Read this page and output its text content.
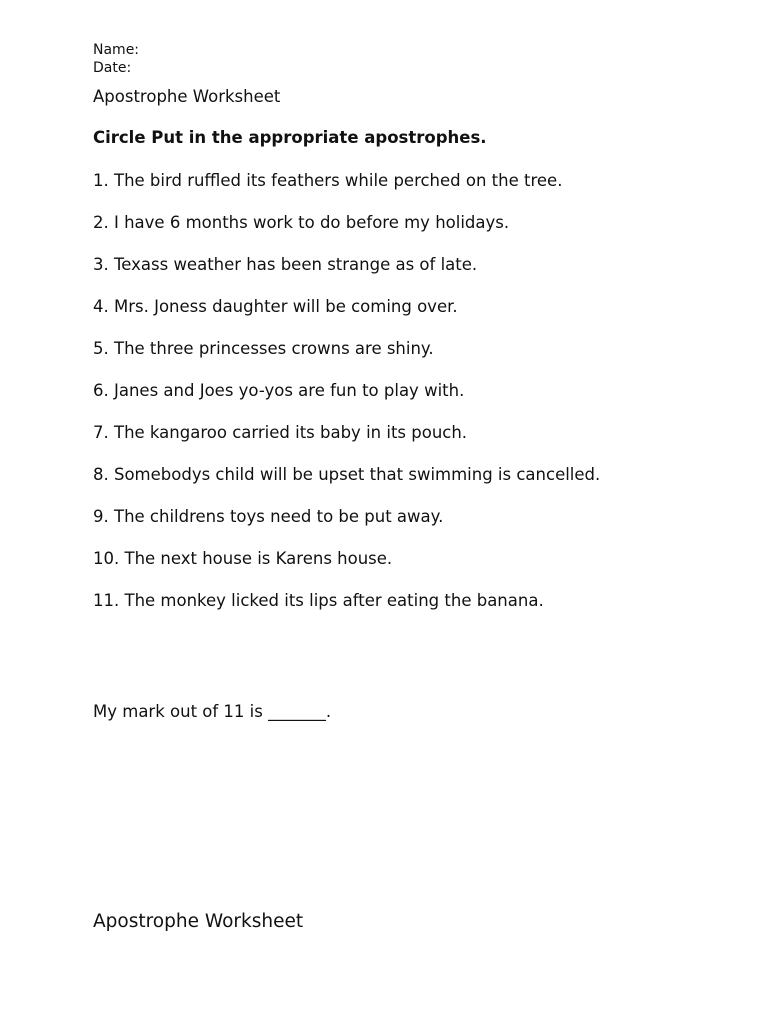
Name:
Date:
Apostrophe Worksheet
Circle Put in the appropriate apostrophes.
1. The bird ruffled its feathers while perched on the tree.
2. I have 6 months work to do before my holidays.
3. Texass weather has been strange as of late.
4. Mrs. Joness daughter will be coming over.
5. The three princesses crowns are shiny.
6. Janes and Joes yo-yos are fun to play with.
7. The kangaroo carried its baby in its pouch.
8. Somebodys child will be upset that swimming is cancelled.
9. The childrens toys need to be put away.
10. The next house is Karens house.
11. The monkey licked its lips after eating the banana.
My mark out of 11 is _______.
Apostrophe Worksheet
